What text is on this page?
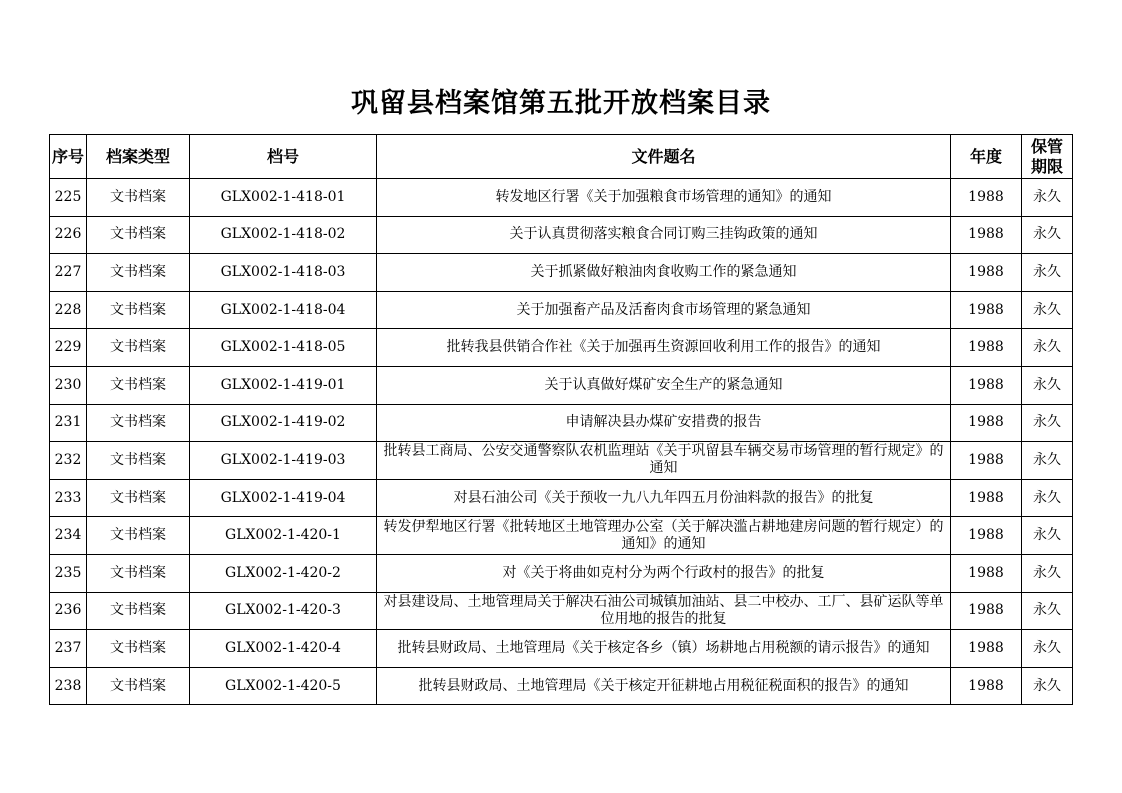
巩留县档案馆第五批开放档案目录
序号	档案类型	档号	文件题名	年度	保管
期限

225	文书档案	GLX002-1-418-01	转发地区行署《关于加强粮食市场管理的通知》的通知	1988	永久
226	文书档案	GLX002-1-418-02	关于认真贯彻落实粮食合同订购三挂钩政策的通知	1988	永久
227	文书档案	GLX002-1-418-03	关于抓紧做好粮油肉食收购工作的紧急通知	1988	永久
228	文书档案	GLX002-1-418-04	关于加强畜产品及活畜肉食市场管理的紧急通知	1988	永久
229	文书档案	GLX002-1-418-05	批转我县供销合作社《关于加强再生资源回收利用工作的报告》的通知	1988	永久
230	文书档案	GLX002-1-419-01	关于认真做好煤矿安全生产的紧急通知	1988	永久
231	文书档案	GLX002-1-419-02	申请解决县办煤矿安措费的报告	1988	永久
232	文书档案	GLX002-1-419-03	批转县工商局、公安交通警察队农机监理站《关于巩留县车辆交易市场管理的暂行规定》的通知	1988	永久
233	文书档案	GLX002-1-419-04	对县石油公司《关于预收一九八九年四五月份油料款的报告》的批复	1988	永久
234	文书档案	GLX002-1-420-1	转发伊犁地区行署《批转地区土地管理办公室（关于解决滥占耕地建房问题的暂行规定）的通知》的通知	1988	永久
235	文书档案	GLX002-1-420-2	对《关于将曲如克村分为两个行政村的报告》的批复	1988	永久
236	文书档案	GLX002-1-420-3	对县建设局、土地管理局关于解决石油公司城镇加油站、县二中校办、工厂、县矿运队等单位用地的报告的批复	1988	永久
237	文书档案	GLX002-1-420-4	批转县财政局、土地管理局《关于核定各乡（镇）场耕地占用税额的请示报告》的通知	1988	永久
238	文书档案	GLX002-1-420-5	批转县财政局、土地管理局《关于核定开征耕地占用税征税面积的报告》的通知	1988	永久
